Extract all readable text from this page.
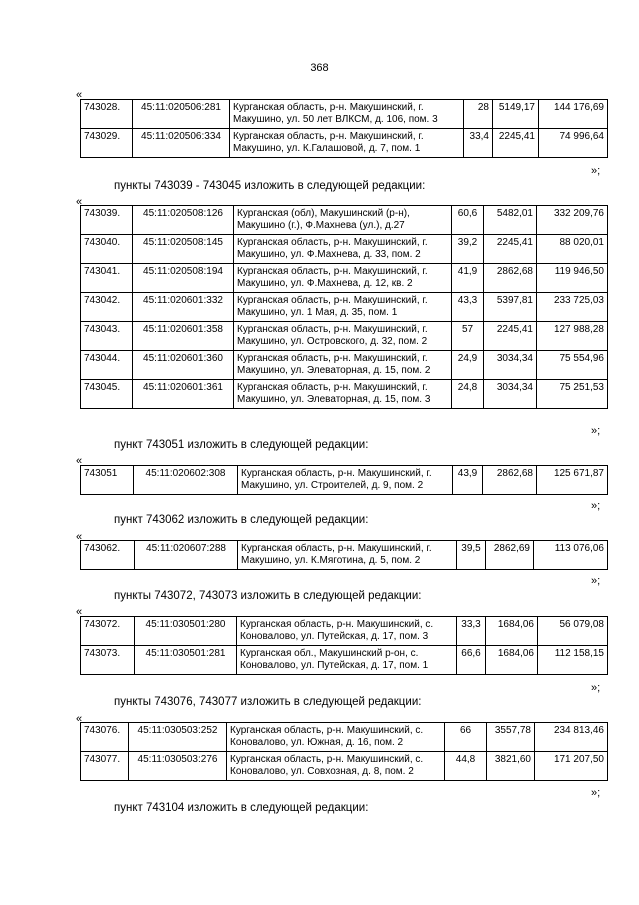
368
«
743028.	45:11:020506:281	Курганская область, р-н. Макушинский, г.
Макушино, ул. 50 лет ВЛКСМ, д. 106, пом. 3	28	5149,17	144 176,69
743029.	45:11:020506:334	Курганская область, р-н. Макушинский, г.
Макушино, ул. К.Галашовой, д. 7, пом. 1	33,4	2245,41	74 996,64
»;
пункты 743039 - 743045 изложить в следующей редакции:
«
743039.	45:11:020508:126	Курганская (обл), Макушинский (р-н),
Макушино (г.), Ф.Махнева (ул.), д.27	60,6	5482,01	332 209,76
743040.	45:11:020508:145	Курганская область, р-н. Макушинский, г.
Макушино, ул. Ф.Махнева, д. 33, пом. 2	39,2	2245,41	88 020,01
743041.	45:11:020508:194	Курганская область, р-н. Макушинский, г.
Макушино, ул. Ф.Махнева, д. 12, кв. 2	41,9	2862,68	119 946,50
743042.	45:11:020601:332	Курганская область, р-н. Макушинский, г.
Макушино, ул. 1 Мая, д. 35, пом. 1	43,3	5397,81	233 725,03
743043.	45:11:020601:358	Курганская область, р-н. Макушинский, г.
Макушино, ул. Островского, д. 32, пом. 2	57	2245,41	127 988,28
743044.	45:11:020601:360	Курганская область, р-н. Макушинский, г.
Макушино, ул. Элеваторная, д. 15, пом. 2	24,9	3034,34	75 554,96
743045.	45:11:020601:361	Курганская область, р-н. Макушинский, г.
Макушино, ул. Элеваторная, д. 15, пом. 3	24,8	3034,34	75 251,53
»;
пункт 743051 изложить в следующей редакции:
«
743051	45:11:020602:308	Курганская область, р-н. Макушинский, г.
Макушино, ул. Строителей, д. 9, пом. 2
	43,9	2862,68	125 671,87
»;
пункт 743062 изложить в следующей редакции:
«
743062.	45:11:020607:288	Курганская область, р-н. Макушинский, г.
Макушино, ул. К.Мяготина, д. 5, пом. 2
	39,5	2862,69	113 076,06
»;
пункты 743072, 743073 изложить в следующей редакции:
«
743072.	45:11:030501:280	Курганская область, р-н. Макушинский, с.
Коновалово, ул. Путейская, д. 17, пом. 3	33,3	1684,06	56 079,08
743073.	45:11:030501:281	Курганская обл., Макушинский р-он, с.
Коновалово, ул. Путейская, д. 17, пом. 1	66,6	1684,06	112 158,15
»;
пункты 743076, 743077 изложить в следующей редакции:
«
743076.	45:11:030503:252	Курганская область, р-н. Макушинский, с.
Коновалово, ул. Южная, д. 16, пом. 2	66	3557,78	234 813,46
743077.	45:11:030503:276	Курганская область, р-н. Макушинский, с.
Коновалово, ул. Совхозная, д. 8, пом. 2	44,8	3821,60	171 207,50
»;
пункт 743104 изложить в следующей редакции:
